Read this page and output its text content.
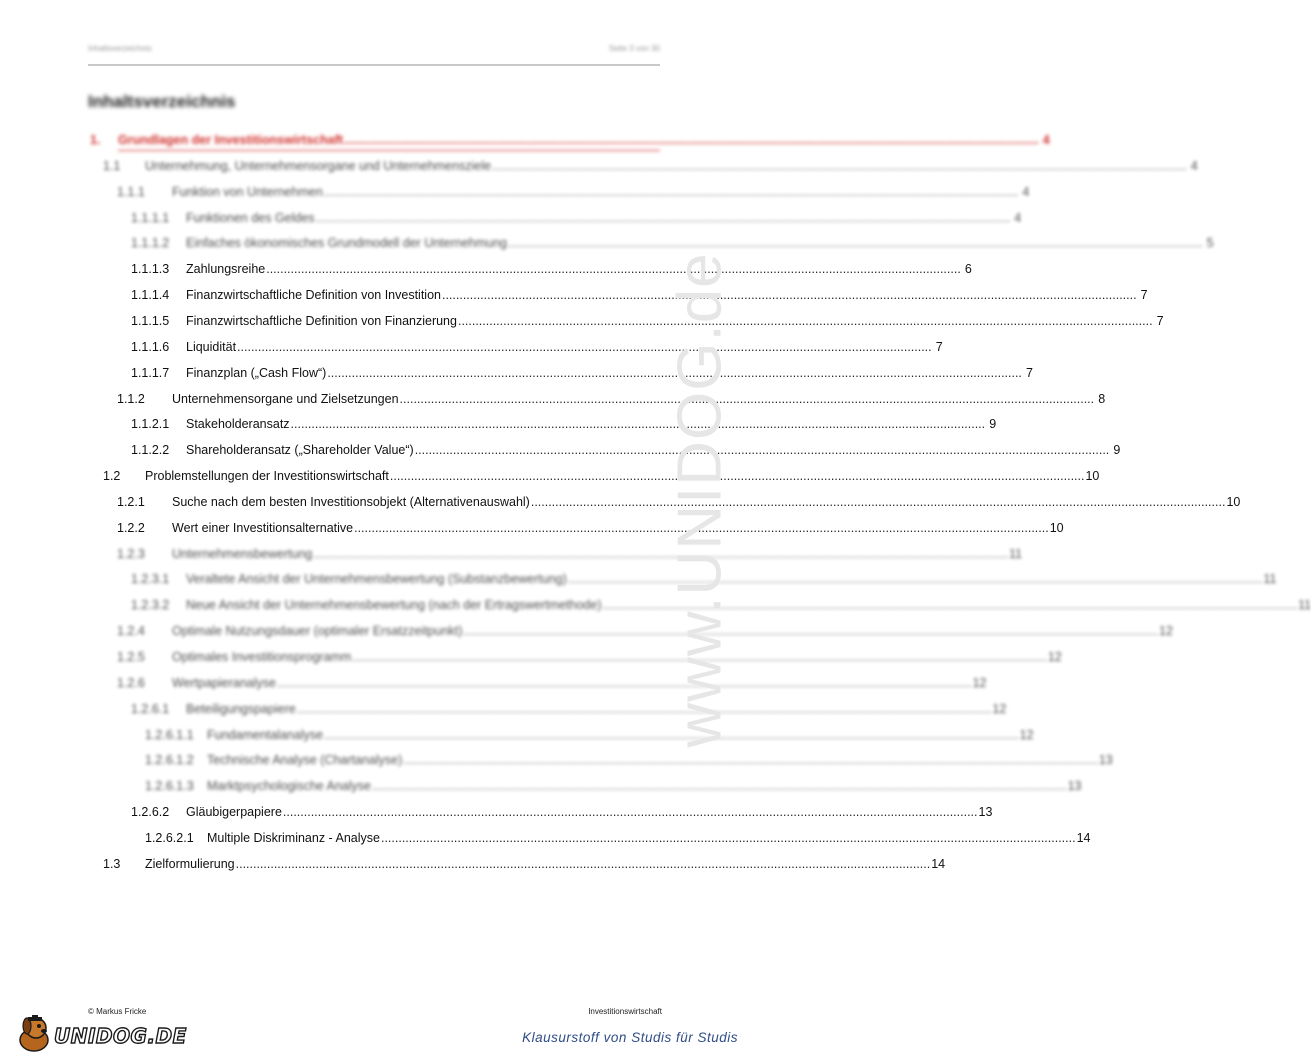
Inhaltsverzeichnis	Seite 3 von 30
Inhaltsverzeichnis
1. Grundlagen der Investitionswirtschaft ........................................................................................................................................................................................................ 4
1.1 Unternehmung, Unternehmensorgane und Unternehmensziele ........................................................................................................................................................................................................ 4
1.1.1 Funktion von Unternehmen ........................................................................................................................................................................................................ 4
1.1.1.1 Funktionen des Geldes ........................................................................................................................................................................................................ 4
1.1.1.2 Einfaches ökonomisches Grundmodell der Unternehmung ........................................................................................................................................................................................................ 5
1.1.1.3 Zahlungsreihe ........................................................................................................................................................................................................ 6
1.1.1.4 Finanzwirtschaftliche Definition von Investition ........................................................................................................................................................................................................ 7
1.1.1.5 Finanzwirtschaftliche Definition von Finanzierung ........................................................................................................................................................................................................ 7
1.1.1.6 Liquidität ........................................................................................................................................................................................................ 7
1.1.1.7 Finanzplan („Cash Flow“) ........................................................................................................................................................................................................ 7
1.1.2 Unternehmensorgane und Zielsetzungen ........................................................................................................................................................................................................ 8
1.1.2.1 Stakeholderansatz ........................................................................................................................................................................................................ 9
1.1.2.2 Shareholderansatz („Shareholder Value“) ........................................................................................................................................................................................................ 9
1.2 Problemstellungen der Investitionswirtschaft ........................................................................................................................................................................................................ 10
1.2.1 Suche nach dem besten Investitionsobjekt (Alternativenauswahl) ........................................................................................................................................................................................................ 10
1.2.2 Wert einer Investitionsalternative ........................................................................................................................................................................................................ 10
1.2.3 Unternehmensbewertung ........................................................................................................................................................................................................ 11
1.2.3.1 Veraltete Ansicht der Unternehmensbewertung (Substanzbewertung) ........................................................................................................................................................................................................ 11
1.2.3.2 Neue Ansicht der Unternehmensbewertung (nach der Ertragswertmethode) ........................................................................................................................................................................................................ 11
1.2.4 Optimale Nutzungsdauer (optimaler Ersatzzeitpunkt) ........................................................................................................................................................................................................ 12
1.2.5 Optimales Investitionsprogramm ........................................................................................................................................................................................................ 12
1.2.6 Wertpapieranalyse ........................................................................................................................................................................................................ 12
1.2.6.1 Beteiligungspapiere ........................................................................................................................................................................................................ 12
1.2.6.1.1 Fundamentalanalyse ........................................................................................................................................................................................................ 12
1.2.6.1.2 Technische Analyse (Chartanalyse) ........................................................................................................................................................................................................ 13
1.2.6.1.3 Marktpsychologische Analyse ........................................................................................................................................................................................................ 13
1.2.6.2 Gläubigerpapiere ........................................................................................................................................................................................................ 13
1.2.6.2.1 Multiple Diskriminanz - Analyse ........................................................................................................................................................................................................ 14
1.3 Zielformulierung ........................................................................................................................................................................................................ 14
www.UNIDOG.de
© Markus Fricke	Investitionswirtschaft
UNIDOG.DE	Klausurstoff von Studis für Studis
